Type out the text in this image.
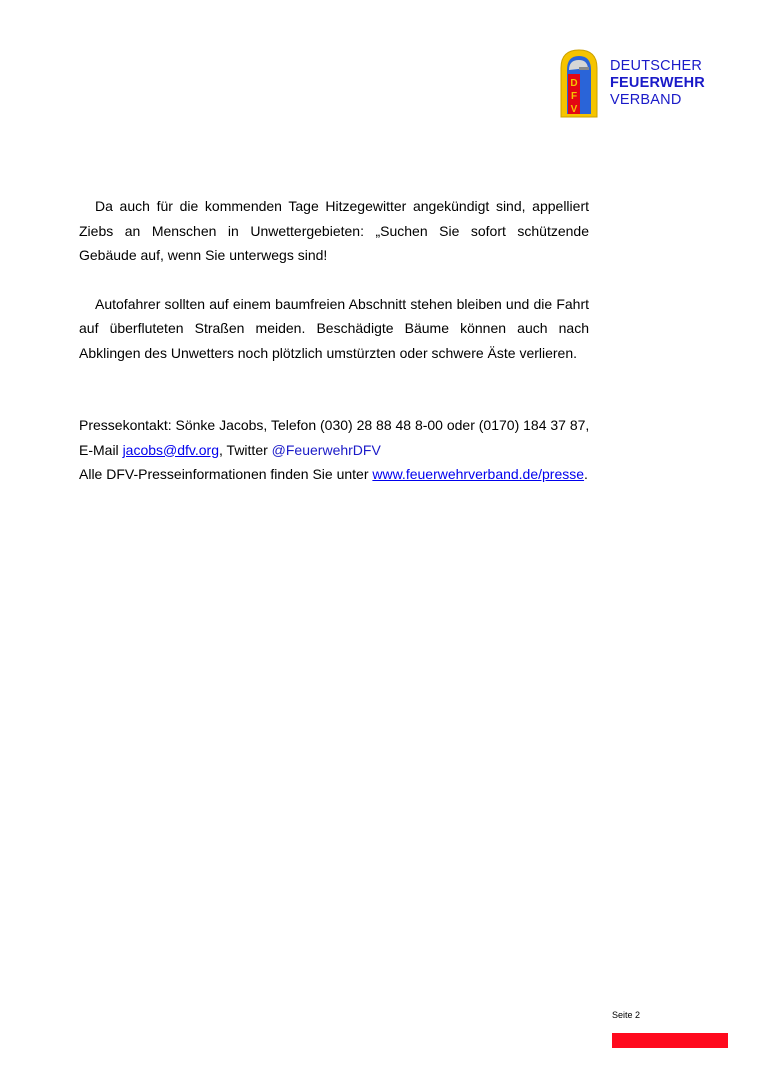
D
F
V
DEUTSCHER
FEUERWEHR
VERBAND

Da auch für die kommenden Tage Hitzegewitter angekündigt sind, appelliert Ziebs an Menschen in Unwettergebieten: „Suchen Sie sofort schützende Gebäude auf, wenn Sie unterwegs sind!

Autofahrer sollten auf einem baumfreien Abschnitt stehen bleiben und die Fahrt auf überfluteten Straßen meiden. Beschädigte Bäume können auch nach Abklingen des Unwetters noch plötzlich umstürzten oder schwere Äste verlieren.

Pressekontakt: Sönke Jacobs, Telefon (030) 28 88 48 8-00 oder (0170) 184 37 87,
E-Mail jacobs@dfv.org, Twitter @FeuerwehrDFV
Alle DFV-Presseinformationen finden Sie unter www.feuerwehrverband.de/presse.
Seite 2
